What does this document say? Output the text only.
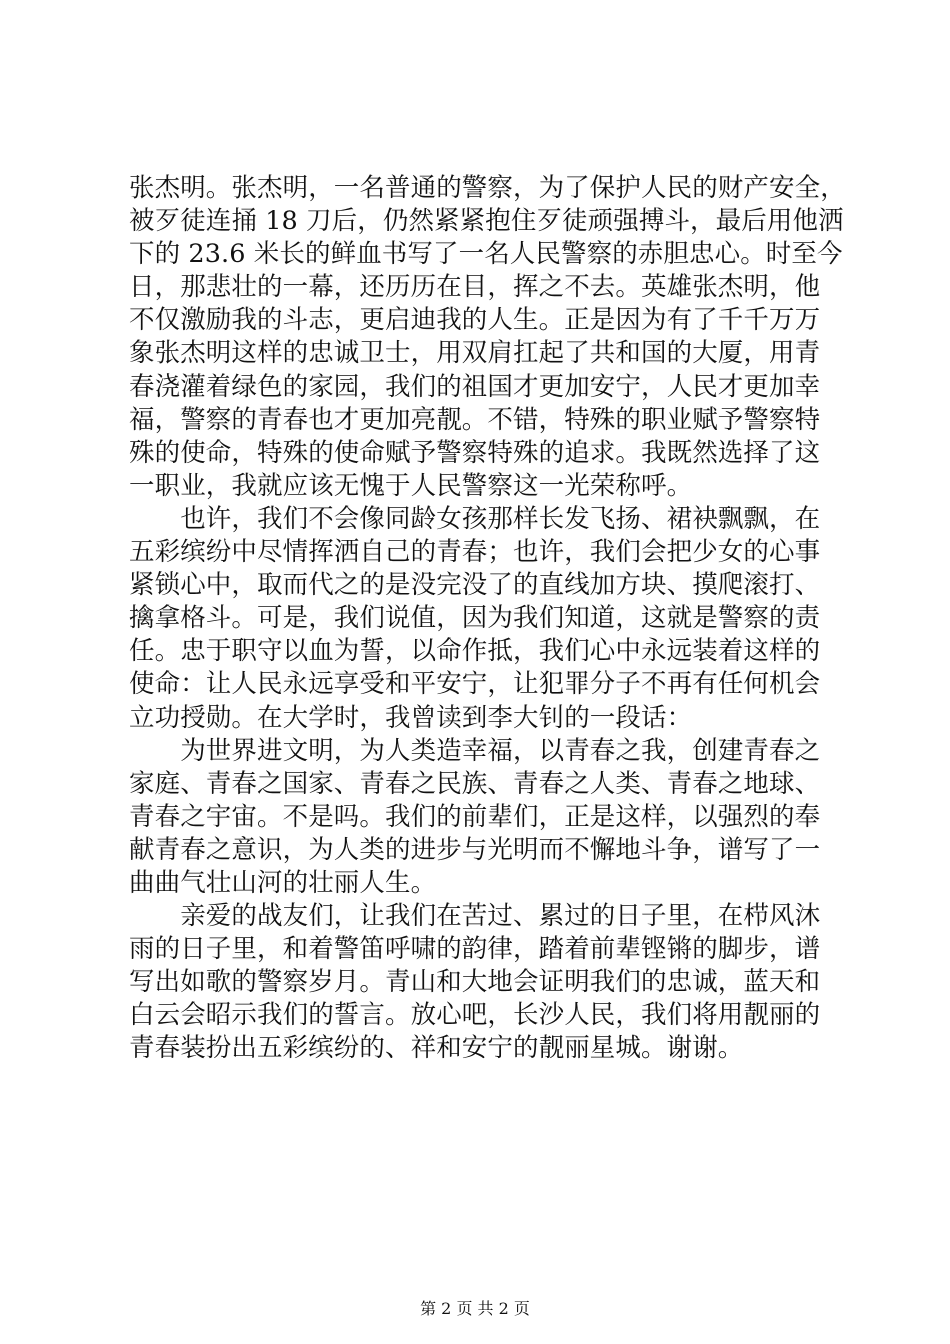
张杰明。张杰明，一名普通的警察，为了保护人民的财产安全，
被歹徒连捅 18 刀后，仍然紧紧抱住歹徒顽强搏斗，最后用他洒
下的 23.6 米长的鲜血书写了一名人民警察的赤胆忠心。时至今
日，那悲壮的一幕，还历历在目，挥之不去。英雄张杰明，他
不仅激励我的斗志，更启迪我的人生。正是因为有了千千万万
象张杰明这样的忠诚卫士，用双肩扛起了共和国的大厦，用青
春浇灌着绿色的家园，我们的祖国才更加安宁，人民才更加幸
福，警察的青春也才更加亮靓。不错，特殊的职业赋予警察特
殊的使命，特殊的使命赋予警察特殊的追求。我既然选择了这
一职业，我就应该无愧于人民警察这一光荣称呼。
　　也许，我们不会像同龄女孩那样长发飞扬、裙袂飘飘，在
五彩缤纷中尽情挥洒自己的青春；也许，我们会把少女的心事
紧锁心中，取而代之的是没完没了的直线加方块、摸爬滚打、
擒拿格斗。可是，我们说值，因为我们知道，这就是警察的责
任。忠于职守以血为誓，以命作抵，我们心中永远装着这样的
使命：让人民永远享受和平安宁，让犯罪分子不再有任何机会
立功授勋。在大学时，我曾读到李大钊的一段话：
　　为世界进文明，为人类造幸福，以青春之我，创建青春之
家庭、青春之国家、青春之民族、青春之人类、青春之地球、
青春之宇宙。不是吗。我们的前辈们，正是这样，以强烈的奉
献青春之意识，为人类的进步与光明而不懈地斗争，谱写了一
曲曲气壮山河的壮丽人生。
　　亲爱的战友们，让我们在苦过、累过的日子里，在栉风沐
雨的日子里，和着警笛呼啸的韵律，踏着前辈铿锵的脚步，谱
写出如歌的警察岁月。青山和大地会证明我们的忠诚，蓝天和
白云会昭示我们的誓言。放心吧，长沙人民，我们将用靓丽的
青春装扮出五彩缤纷的、祥和安宁的靓丽星城。谢谢。
第 2 页 共 2 页
